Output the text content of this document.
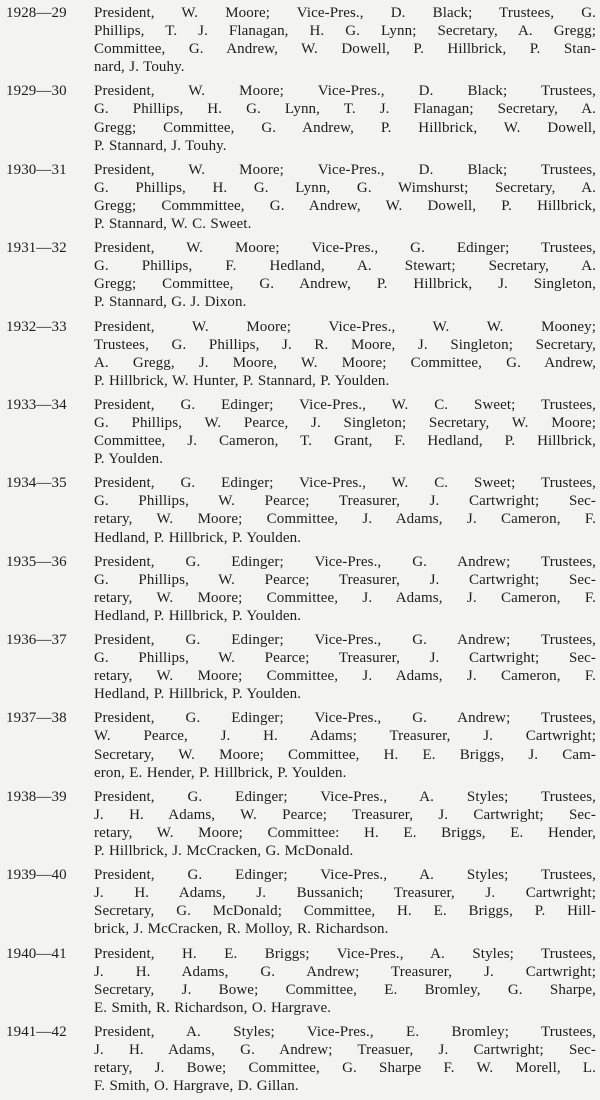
1928—29	President, W. Moore; Vice-Pres., D. Black; Trustees, G.
Phillips, T. J. Flanagan, H. G. Lynn; Secretary, A. Gregg;
Committee, G. Andrew, W. Dowell, P. Hillbrick, P. Stan-
nard, J. Touhy.
1929—30	President, W. Moore; Vice-Pres., D. Black; Trustees,
G. Phillips, H. G. Lynn, T. J. Flanagan; Secretary, A.
Gregg; Committee, G. Andrew, P. Hillbrick, W. Dowell,
P. Stannard, J. Touhy.
1930—31	President, W. Moore; Vice-Pres., D. Black; Trustees,
G. Phillips, H. G. Lynn, G. Wimshurst; Secretary, A.
Gregg; Commmittee, G. Andrew, W. Dowell, P. Hillbrick,
P. Stannard, W. C. Sweet.
1931—32	President, W. Moore; Vice-Pres., G. Edinger; Trustees,
G. Phillips, F. Hedland, A. Stewart; Secretary, A.
Gregg; Committee, G. Andrew, P. Hillbrick, J. Singleton,
P. Stannard, G. J. Dixon.
1932—33	President, W. Moore; Vice-Pres., W. W. Mooney;
Trustees, G. Phillips, J. R. Moore, J. Singleton; Secretary,
A. Gregg, J. Moore, W. Moore; Committee, G. Andrew,
P. Hillbrick, W. Hunter, P. Stannard, P. Youlden.
1933—34	President, G. Edinger; Vice-Pres., W. C. Sweet; Trustees,
G. Phillips, W. Pearce, J. Singleton; Secretary, W. Moore;
Committee, J. Cameron, T. Grant, F. Hedland, P. Hillbrick,
P. Youlden.
1934—35	President, G. Edinger; Vice-Pres., W. C. Sweet; Trustees,
G. Phillips, W. Pearce; Treasurer, J. Cartwright; Sec-
retary, W. Moore; Committee, J. Adams, J. Cameron, F.
Hedland, P. Hillbrick, P. Youlden.
1935—36	President, G. Edinger; Vice-Pres., G. Andrew; Trustees,
G. Phillips, W. Pearce; Treasurer, J. Cartwright; Sec-
retary, W. Moore; Committee, J. Adams, J. Cameron, F.
Hedland, P. Hillbrick, P. Youlden.
1936—37	President, G. Edinger; Vice-Pres., G. Andrew; Trustees,
G. Phillips, W. Pearce; Treasurer, J. Cartwright; Sec-
retary, W. Moore; Committee, J. Adams, J. Cameron, F.
Hedland, P. Hillbrick, P. Youlden.
1937—38	President, G. Edinger; Vice-Pres., G. Andrew; Trustees,
W. Pearce, J. H. Adams; Treasurer, J. Cartwright;
Secretary, W. Moore; Committee, H. E. Briggs, J. Cam-
eron, E. Hender, P. Hillbrick, P. Youlden.
1938—39	President, G. Edinger; Vice-Pres., A. Styles; Trustees,
J. H. Adams, W. Pearce; Treasurer, J. Cartwright; Sec-
retary, W. Moore; Committee: H. E. Briggs, E. Hender,
P. Hillbrick, J. McCracken, G. McDonald.
1939—40	President, G. Edinger; Vice-Pres., A. Styles; Trustees,
J. H. Adams, J. Bussanich; Treasurer, J. Cartwright;
Secretary, G. McDonald; Committee, H. E. Briggs, P. Hill-
brick, J. McCracken, R. Molloy, R. Richardson.
1940—41	President, H. E. Briggs; Vice-Pres., A. Styles; Trustees,
J. H. Adams, G. Andrew; Treasurer, J. Cartwright;
Secretary, J. Bowe; Committee, E. Bromley, G. Sharpe,
E. Smith, R. Richardson, O. Hargrave.
1941—42	President, A. Styles; Vice-Pres., E. Bromley; Trustees,
J. H. Adams, G. Andrew; Treasuer, J. Cartwright; Sec-
retary, J. Bowe; Committee, G. Sharpe F. W. Morell, L.
F. Smith, O. Hargrave, D. Gillan.
